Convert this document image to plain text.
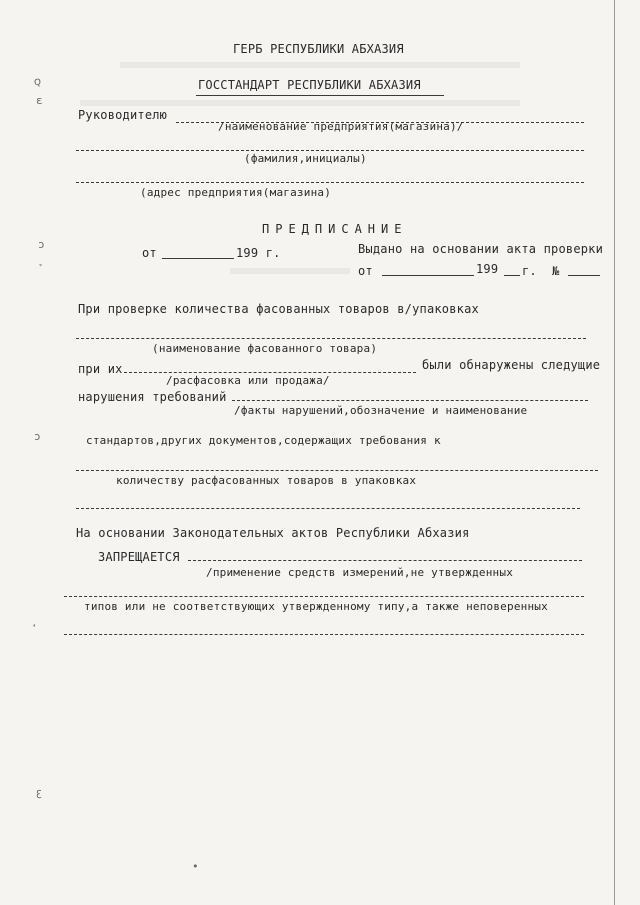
ꞯ
ɛ
ɔ
ɔ
ꜫ
•
ГЕРБ РЕСПУБЛИКИ АБХАЗИЯ
ГОССТАНДАРТ РЕСПУБЛИКИ АБХАЗИЯ
Руководителю
/наименование предприятия(магазина)/
(фамилия,инициалы)
(адрес предприятия(магазина)
ПРЕДПИСАНИЕ
от	199 г.	Выдано на основании акта проверки
от	199 г. №
При проверке количества фасованных товаров в/упаковках
(наименование фасованного товара)
при их	были обнаружены следущие
/расфасовка или продажа/
нарушения требований
/факты нарушений,обозначение и наименование
стандартов,других документов,содержащих требования к
количеству расфасованных товаров в упаковках
На основании Законодательных актов Республики Абхазия
ЗАПРЕЩАЕТСЯ
/применение средств измерений,не утвержденных
типов или не соответствующих утвержденному типу,а также неповеренных
